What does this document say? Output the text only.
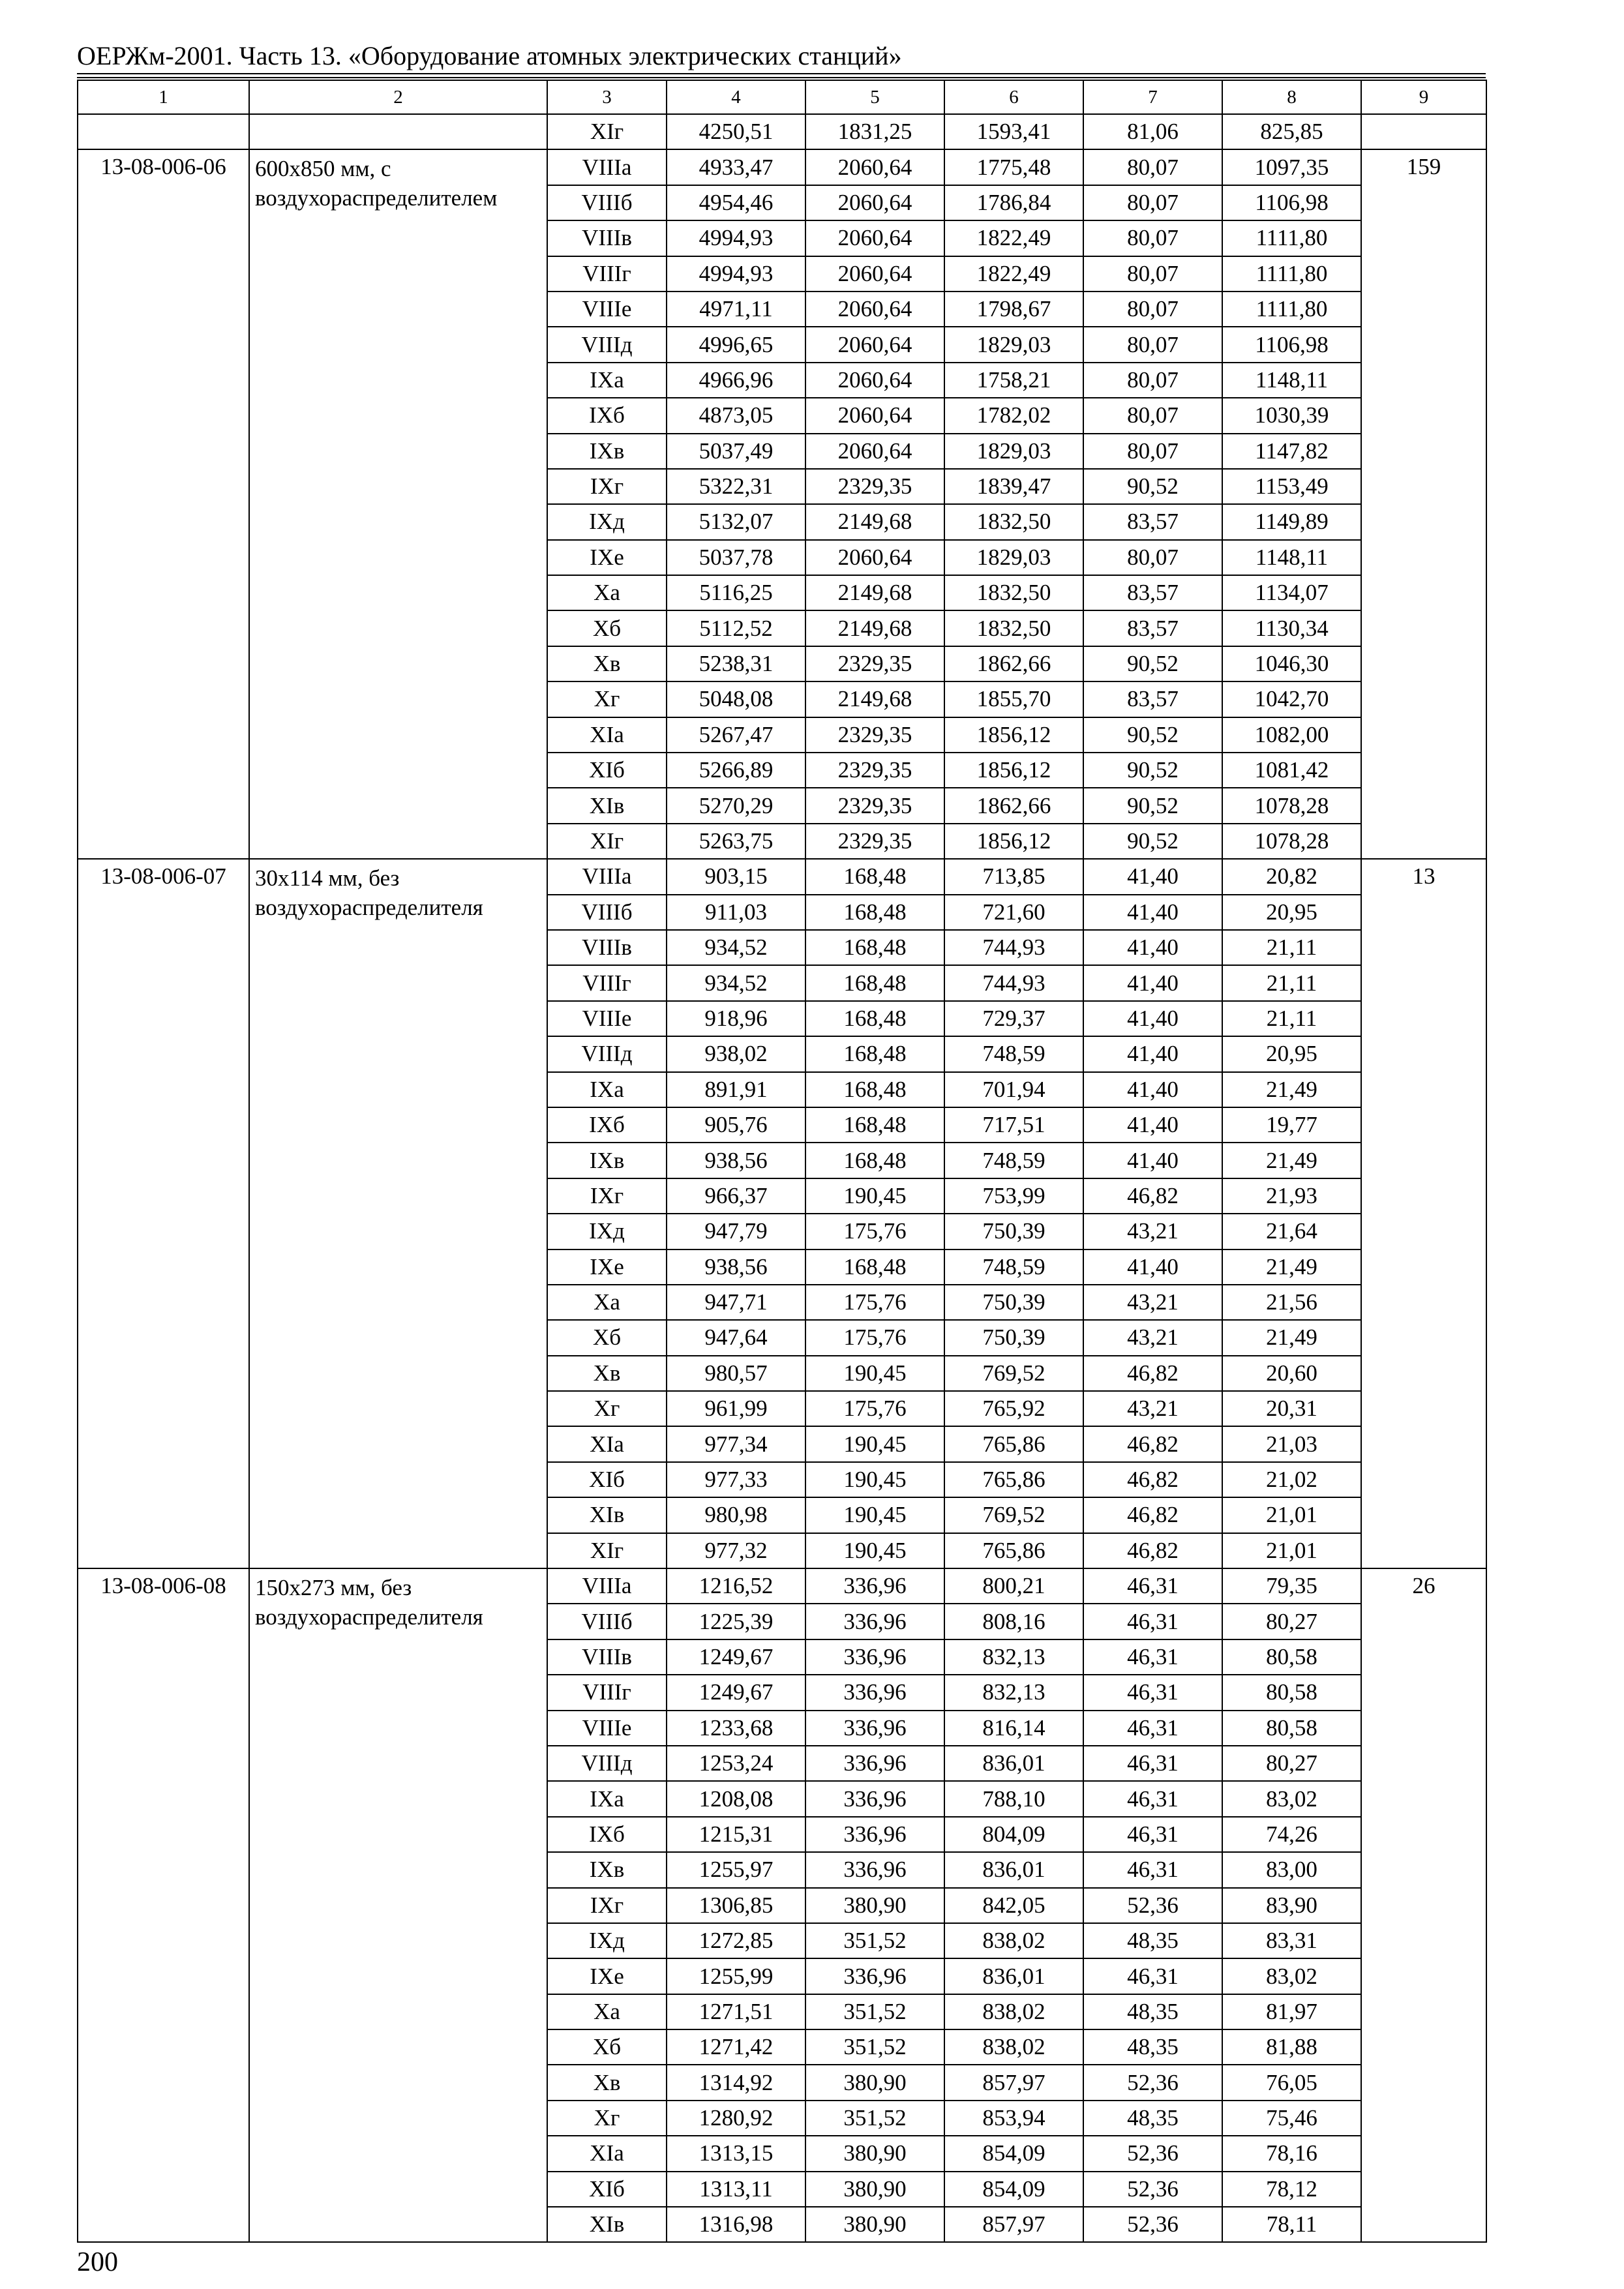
ОЕРЖм-2001. Часть 13. «Оборудование атомных электрических станций»
1	2	3	4	5	6	7	8	9
		XIг	4250,51	1831,25	1593,41	81,06	825,85	
13-08-006-06	600x850 мм, с воздухораспределителем	VIIIа	4933,47	2060,64	1775,48	80,07	1097,35	159
		VIIIб	4954,46	2060,64	1786,84	80,07	1106,98	
		VIIIв	4994,93	2060,64	1822,49	80,07	1111,80	
		VIIIг	4994,93	2060,64	1822,49	80,07	1111,80	
		VIIIе	4971,11	2060,64	1798,67	80,07	1111,80	
		VIIIд	4996,65	2060,64	1829,03	80,07	1106,98	
		IXа	4966,96	2060,64	1758,21	80,07	1148,11	
		IXб	4873,05	2060,64	1782,02	80,07	1030,39	
		IXв	5037,49	2060,64	1829,03	80,07	1147,82	
		IXг	5322,31	2329,35	1839,47	90,52	1153,49	
		IXд	5132,07	2149,68	1832,50	83,57	1149,89	
		IXе	5037,78	2060,64	1829,03	80,07	1148,11	
		Xа	5116,25	2149,68	1832,50	83,57	1134,07	
		Xб	5112,52	2149,68	1832,50	83,57	1130,34	
		Xв	5238,31	2329,35	1862,66	90,52	1046,30	
		Xг	5048,08	2149,68	1855,70	83,57	1042,70	
		XIа	5267,47	2329,35	1856,12	90,52	1082,00	
		XIб	5266,89	2329,35	1856,12	90,52	1081,42	
		XIв	5270,29	2329,35	1862,66	90,52	1078,28	
		XIг	5263,75	2329,35	1856,12	90,52	1078,28	
13-08-006-07	30x114 мм, без воздухораспределителя	VIIIа	903,15	168,48	713,85	41,40	20,82	13
		VIIIб	911,03	168,48	721,60	41,40	20,95	
		VIIIв	934,52	168,48	744,93	41,40	21,11	
		VIIIг	934,52	168,48	744,93	41,40	21,11	
		VIIIе	918,96	168,48	729,37	41,40	21,11	
		VIIIд	938,02	168,48	748,59	41,40	20,95	
		IXа	891,91	168,48	701,94	41,40	21,49	
		IXб	905,76	168,48	717,51	41,40	19,77	
		IXв	938,56	168,48	748,59	41,40	21,49	
		IXг	966,37	190,45	753,99	46,82	21,93	
		IXд	947,79	175,76	750,39	43,21	21,64	
		IXе	938,56	168,48	748,59	41,40	21,49	
		Xа	947,71	175,76	750,39	43,21	21,56	
		Xб	947,64	175,76	750,39	43,21	21,49	
		Xв	980,57	190,45	769,52	46,82	20,60	
		Xг	961,99	175,76	765,92	43,21	20,31	
		XIа	977,34	190,45	765,86	46,82	21,03	
		XIб	977,33	190,45	765,86	46,82	21,02	
		XIв	980,98	190,45	769,52	46,82	21,01	
		XIг	977,32	190,45	765,86	46,82	21,01	
13-08-006-08	150x273 мм, без воздухораспределителя	VIIIа	1216,52	336,96	800,21	46,31	79,35	26
		VIIIб	1225,39	336,96	808,16	46,31	80,27	
		VIIIв	1249,67	336,96	832,13	46,31	80,58	
		VIIIг	1249,67	336,96	832,13	46,31	80,58	
		VIIIе	1233,68	336,96	816,14	46,31	80,58	
		VIIIд	1253,24	336,96	836,01	46,31	80,27	
		IXа	1208,08	336,96	788,10	46,31	83,02	
		IXб	1215,31	336,96	804,09	46,31	74,26	
		IXв	1255,97	336,96	836,01	46,31	83,00	
		IXг	1306,85	380,90	842,05	52,36	83,90	
		IXд	1272,85	351,52	838,02	48,35	83,31	
		IXе	1255,99	336,96	836,01	46,31	83,02	
		Xа	1271,51	351,52	838,02	48,35	81,97	
		Xб	1271,42	351,52	838,02	48,35	81,88	
		Xв	1314,92	380,90	857,97	52,36	76,05	
		Xг	1280,92	351,52	853,94	48,35	75,46	
		XIа	1313,15	380,90	854,09	52,36	78,16	
		XIб	1313,11	380,90	854,09	52,36	78,12	
		XIв	1316,98	380,90	857,97	52,36	78,11	
200
